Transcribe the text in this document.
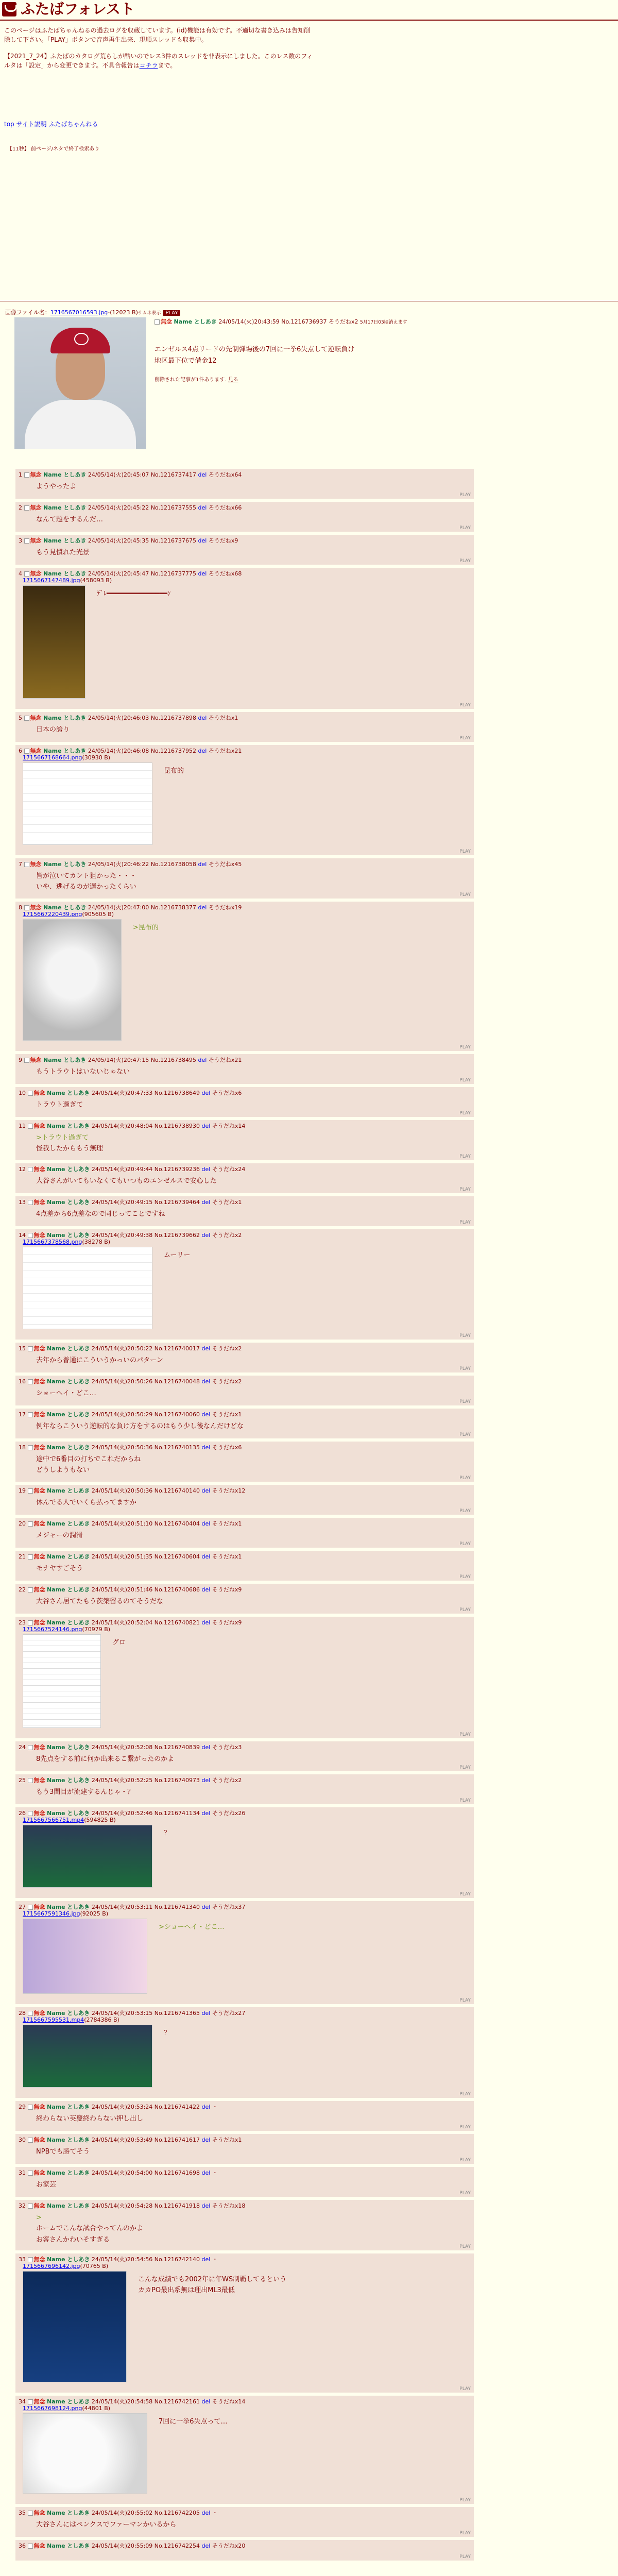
ふたばフォレスト
このページはふたばちゃんねるの過去ログを収蔵しています。(id)機能は有効です。不適切な書き込みは告知削除して下さい。「PLAY」ボタンで音声再生出来、現順スレッドも収集中。
【2021_7_24】ふたばのカタログ荒らしが酷いのでレス3件のスレッドを非表示にしました。このレス数のフィルタは「設定」から変更できます。不具合報告はコチラまで。
top サイト説明 ふたばちゃんねる
【11秒】 前ページ/ネタで終了検索あり
画像ファイル名：1716567016593.jpg-(12023 B)サムネ表示 PLAY
無念 Name としあき 24/05/14(火)20:43:59 No.1216736937 そうだねx2 5月17日03頃消えます
エンゼルス4点リードの先制弾場後の7回に一挙6失点して逆転負け
地区最下位で借金12
削除された記事が1件あります. 見る
1 無念 Name としあき 24/05/14(火)20:45:07 No.1216737417 del そうだねx64
ようやったよ
PLAY
2 無念 Name としあき 24/05/14(火)20:45:22 No.1216737555 del そうだねx66
なんて題をするんだ…
PLAY
3 無念 Name としあき 24/05/14(火)20:45:35 No.1216737675 del そうだねx9
もう見慣れた光景
PLAY
4 無念 Name としあき 24/05/14(火)20:45:47 No.1216737775 del そうだねx68
1715667147489.jpg(458093 B)
ﾃﾞﾚ━━━━━━━━━━━━━━━ﾝ
PLAY
5 無念 Name としあき 24/05/14(火)20:46:03 No.1216737898 del そうだねx1
日本の誇り
PLAY
6 無念 Name としあき 24/05/14(火)20:46:08 No.1216737952 del そうだねx21
1715667168664.png(30930 B)
昆布的
PLAY
7 無念 Name としあき 24/05/14(火)20:46:22 No.1216738058 del そうだねx45
皆が泣いてカント狙かった・・・
いや、逃げるのが遅かったくらい
PLAY
8 無念 Name としあき 24/05/14(火)20:47:00 No.1216738377 del そうだねx19
1715667220439.png(905605 B)
>昆布的
PLAY
9 無念 Name としあき 24/05/14(火)20:47:15 No.1216738495 del そうだねx21
もうトラウトはいないじゃない
PLAY
10 無念 Name としあき 24/05/14(火)20:47:33 No.1216738649 del そうだねx6
トラウト過ぎて
PLAY
11 無念 Name としあき 24/05/14(火)20:48:04 No.1216738930 del そうだねx14
>トラウト過ぎて
怪我したからもう無理
PLAY
12 無念 Name としあき 24/05/14(火)20:49:44 No.1216739236 del そうだねx24
大谷さんがいてもいなくてもいつものエンゼルスで安心した
PLAY
13 無念 Name としあき 24/05/14(火)20:49:15 No.1216739464 del そうだねx1
4点差から6点差なので同じってことですね
PLAY
14 無念 Name としあき 24/05/14(火)20:49:38 No.1216739662 del そうだねx2
1715667378568.png(38278 B)
ムーリー
PLAY
15 無念 Name としあき 24/05/14(火)20:50:22 No.1216740017 del そうだねx2
去年から普通にこういうかっいのパターン
PLAY
16 無念 Name としあき 24/05/14(火)20:50:26 No.1216740048 del そうだねx2
ショーヘイ・どこ…
PLAY
17 無念 Name としあき 24/05/14(火)20:50:29 No.1216740060 del そうだねx1
例年ならこういう逆転的な負け方をするのはもう少し後なんだけどな
PLAY
18 無念 Name としあき 24/05/14(火)20:50:36 No.1216740135 del そうだねx6
途中で6番目の打ちでこれだからね
どうしようもない
PLAY
19 無念 Name としあき 24/05/14(火)20:50:36 No.1216740140 del そうだねx12
休んでる人でいくら払ってますか
PLAY
20 無念 Name としあき 24/05/14(火)20:51:10 No.1216740404 del そうだねx1
メジャーの潤滑
PLAY
21 無念 Name としあき 24/05/14(火)20:51:35 No.1216740604 del そうだねx1
モナヤすごそう
PLAY
22 無念 Name としあき 24/05/14(火)20:51:46 No.1216740686 del そうだねx9
大谷さん居てたもう茨築留るのてそうだな
PLAY
23 無念 Name としあき 24/05/14(火)20:52:04 No.1216740821 del そうだねx9
1715667524146.png(70979 B)
グロ
PLAY
24 無念 Name としあき 24/05/14(火)20:52:08 No.1216740839 del そうだねx3
8先点をする前に何か出来るこ繋がったのかよ
PLAY
25 無念 Name としあき 24/05/14(火)20:52:25 No.1216740973 del そうだねx2
もう3間目が流建するんじゃ・？
PLAY
26 無念 Name としあき 24/05/14(火)20:52:46 No.1216741134 del そうだねx26
1715667566751.mp4(594825 B)
？
PLAY
27 無念 Name としあき 24/05/14(火)20:53:11 No.1216741340 del そうだねx37
1715667591346.jpg(92025 B)
>ショーヘイ・どこ…
PLAY
28 無念 Name としあき 24/05/14(火)20:53:15 No.1216741365 del そうだねx27
1715667595531.mp4(2784386 B)
？
PLAY
29 無念 Name としあき 24/05/14(火)20:53:24 No.1216741422 del ・
終わらない英慶終わらない押し出し
PLAY
30 無念 Name としあき 24/05/14(火)20:53:49 No.1216741617 del そうだねx1
NPBでも勝てそう
PLAY
31 無念 Name としあき 24/05/14(火)20:54:00 No.1216741698 del ・
お家芸
PLAY
32 無念 Name としあき 24/05/14(火)20:54:28 No.1216741918 del そうだねx18
>
ホームでこんな試合やってんのかよ
お客さんかわいそすぎる
PLAY
33 無念 Name としあき 24/05/14(火)20:54:56 No.1216742140 del ・
1715667696142.jpg(70765 B)
こんな成績でも2002年に年WS制覇してるという
カカPO最出系無は理出ML3最低
PLAY
34 無念 Name としあき 24/05/14(火)20:54:58 No.1216742161 del そうだねx14
1715667698124.png(44801 B)
7回に一挙6失点って…
PLAY
35 無念 Name としあき 24/05/14(火)20:55:02 No.1216742205 del ・
大谷さんにはペンクスでファーマンかいるから
PLAY
36 無念 Name としあき 24/05/14(火)20:55:09 No.1216742254 del そうだねx20
PLAY
